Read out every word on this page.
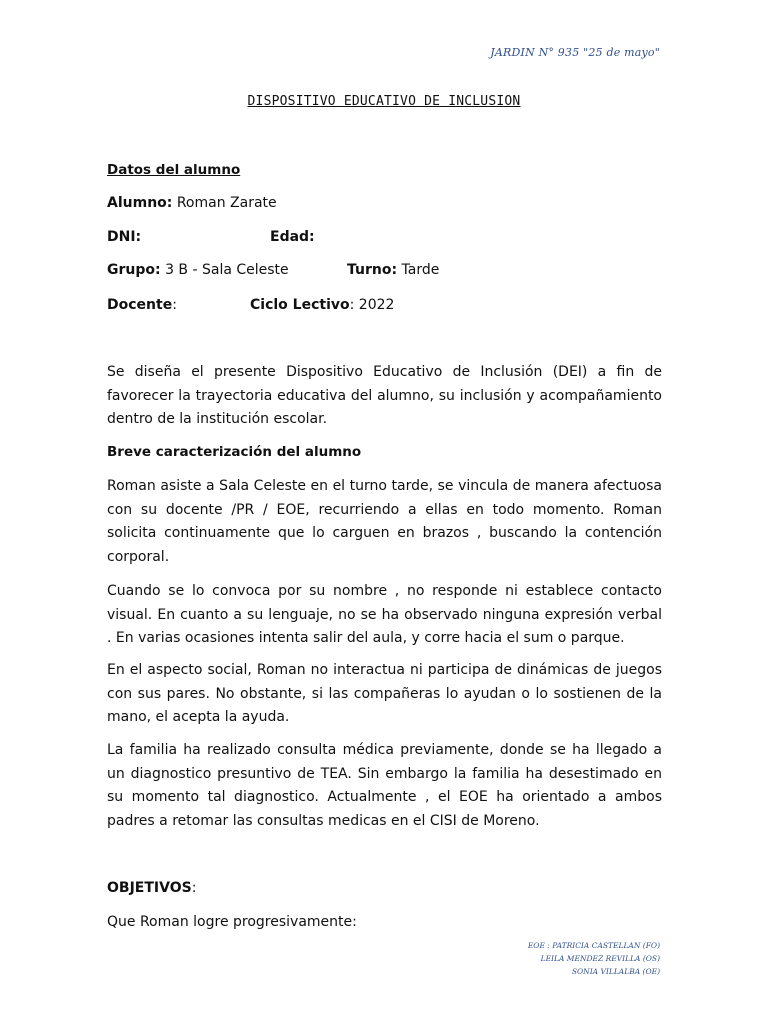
JARDIN N° 935 "25 de mayo"
DISPOSITIVO EDUCATIVO DE INCLUSION
Datos del alumno
Alumno: Roman Zarate
DNI:	Edad:
Grupo: 3 B - Sala Celeste	Turno: Tarde
Docente:	Ciclo Lectivo: 2022
Se diseña el presente Dispositivo Educativo de Inclusión (DEI) a fin de favorecer la trayectoria educativa del alumno, su inclusión y acompañamiento dentro de la institución escolar.
Breve caracterización del alumno
Roman asiste a Sala Celeste en el turno tarde, se vincula de manera afectuosa con su docente /PR / EOE, recurriendo a ellas en todo momento. Roman solicita continuamente que lo carguen en brazos , buscando la contención corporal.
Cuando se lo convoca por su nombre , no responde ni establece contacto visual. En cuanto a su lenguaje, no se ha observado ninguna expresión verbal . En varias ocasiones intenta salir del aula, y corre hacia el sum o parque.
En el aspecto social, Roman no interactua ni participa de dinámicas de juegos con sus pares. No obstante, si las compañeras lo ayudan o lo sostienen de la mano, el acepta la ayuda.
La familia ha realizado consulta médica previamente, donde se ha llegado a un diagnostico presuntivo de TEA. Sin embargo la familia ha desestimado en su momento tal diagnostico. Actualmente , el EOE ha orientado a ambos padres a retomar las consultas medicas en el CISI de Moreno.
OBJETIVOS:
Que Roman logre progresivamente:
EOE : PATRICIA CASTELLAN (FO)
LEILA MENDEZ REVILLA (OS)
SONIA VILLALBA (OE)
